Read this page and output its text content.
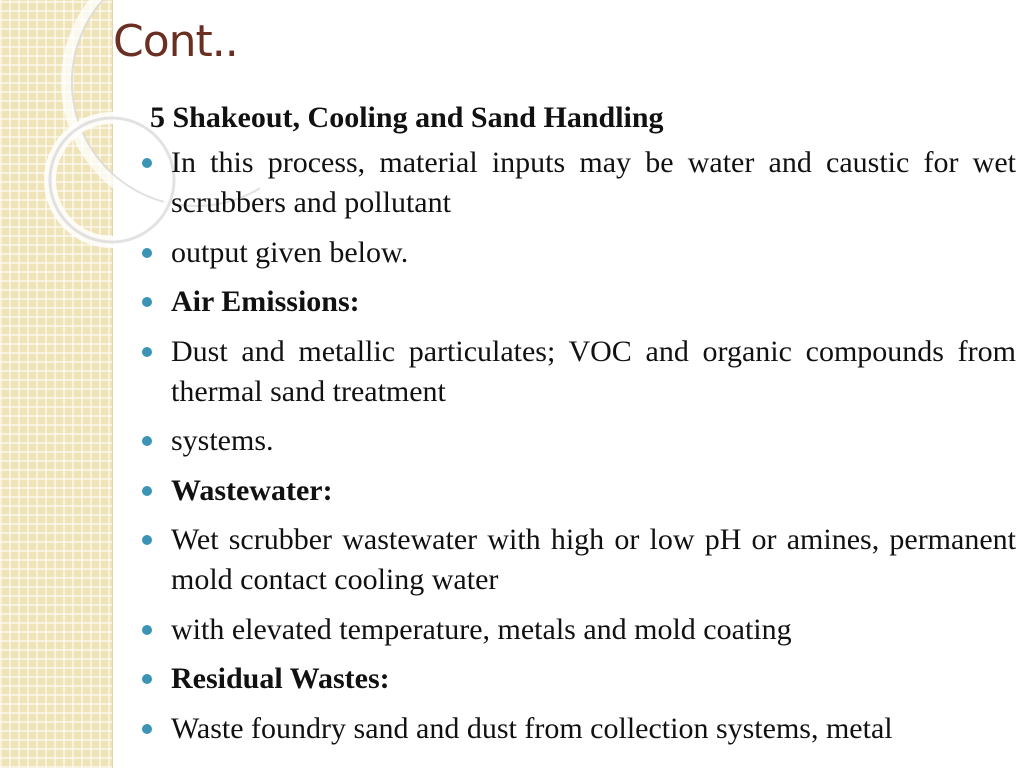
Cont..
5 Shakeout, Cooling and Sand Handling
In this process, material inputs may be water and caustic for wet scrubbers and pollutant
output given below.
Air Emissions:
Dust and metallic particulates; VOC and organic compounds from thermal sand treatment
systems.
Wastewater:
Wet scrubber wastewater with high or low pH or amines, permanent mold contact cooling water
with elevated temperature, metals and mold coating
Residual Wastes:
Waste foundry sand and dust from collection systems, metal
